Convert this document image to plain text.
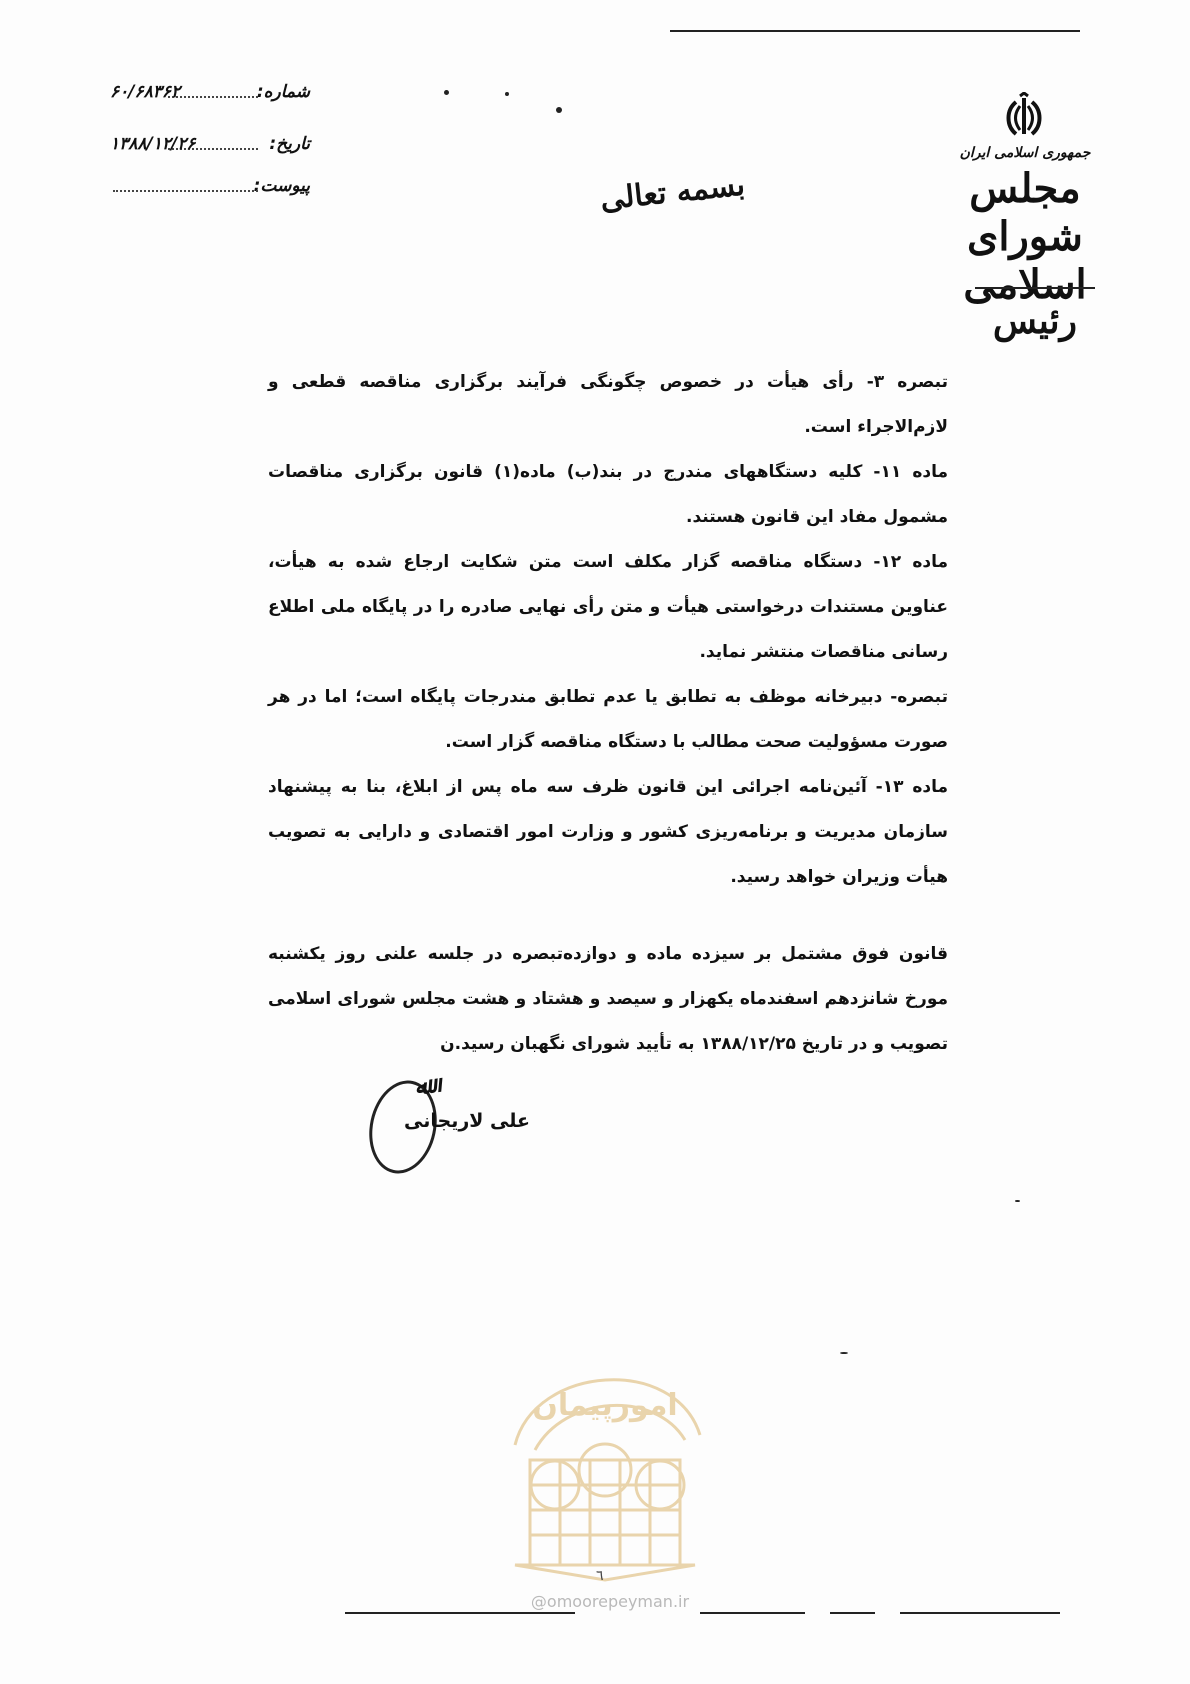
شماره:
۶۰/۶۸۳۶۲
تاریخ:
۱۳۸۸/۱۲/۲۶
پیوست:	بسمه تعالی
جمهوری اسلامی ایران
مجلس شورای
اسلامی
رئیس

تبصره ۳- رأی هیأت در خصوص چگونگی فرآیند برگزاری مناقصه قطعی و لازم‌الاجراء است.

ماده ۱۱- کلیه دستگاههای مندرج در بند(ب) ماده(۱) قانون برگزاری مناقصات مشمول مفاد این قانون هستند.

ماده ۱۲- دستگاه مناقصه گزار مکلف است متن شکایت ارجاع شده به هیأت، عناوین مستندات درخواستی هیأت و متن رأی نهایی صادره را در پایگاه ملی اطلاع رسانی مناقصات منتشر نماید.

تبصره- دبیرخانه موظف به تطابق یا عدم تطابق مندرجات پایگاه است؛ اما در هر صورت مسؤولیت صحت مطالب با دستگاه مناقصه گزار است.

ماده ۱۳- آئین‌نامه اجرائی این قانون ظرف سه ماه پس از ابلاغ، بنا به پیشنهاد سازمان مدیریت و برنامه‌ریزی کشور و وزارت امور اقتصادی و دارایی به تصویب هیأت وزیران خواهد رسید.

قانون فوق مشتمل بر سیزده ماده و دوازده‌تبصره در جلسه علنی روز یکشنبه مورخ شانزدهم اسفندماه یکهزار و سیصد و هشتاد و هشت مجلس شورای اسلامی تصویب و در تاریخ ۱۳۸۸/۱۲/۲۵ به تأیید شورای نگهبان رسید.ن

ﷲ
علی لاریجانی
امورپیمان
٦
@omoorepeyman.ir
